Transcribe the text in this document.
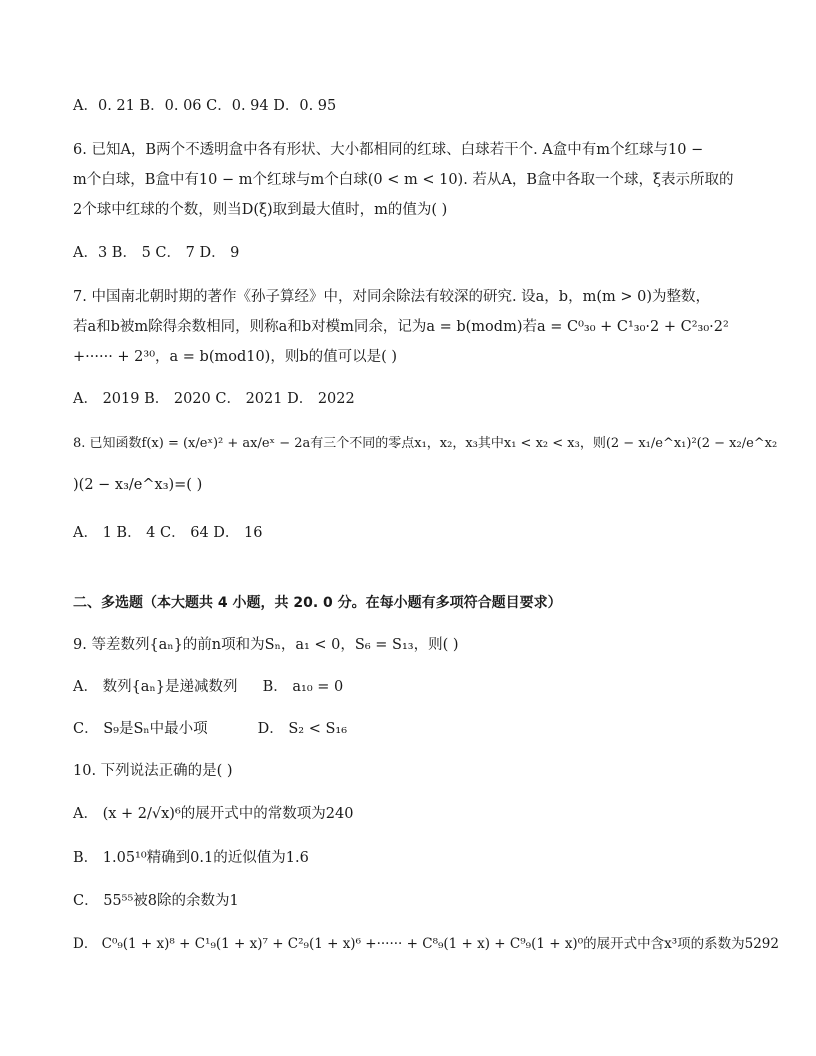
A．0. 21 B．0. 06 C．0. 94 D．0. 95
6. 已知A，B两个不透明盒中各有形状、大小都相同的红球、白球若干个. A盒中有m个红球与10 −
m个白球，B盒中有10 − m个红球与m个白球(0 < m < 10). 若从A，B盒中各取一个球，ξ表示所取的
2个球中红球的个数，则当D(ξ)取到最大值时，m的值为( )
A．3 B． 5 C． 7 D． 9
7. 中国南北朝时期的著作《孙子算经》中，对同余除法有较深的研究. 设a，b，m(m > 0)为整数，
若a和b被m除得余数相同，则称a和b对模m同余，记为a = b(modm)若a = C⁰₃₀ + C¹₃₀·2 + C²₃₀·2²
+······ + 2³⁰，a = b(mod10)，则b的值可以是( )
A． 2019 B． 2020 C． 2021 D． 2022
8. 已知函数f(x) = (x/eˣ)² + ax/eˣ − 2a有三个不同的零点x₁，x₂，x₃其中x₁ < x₂ < x₃，则(2 − x₁/e^x₁)²(2 − x₂/e^x₂
)(2 − x₃/e^x₃)=( )
A． 1 B． 4 C． 64 D． 16
二、多选题（本大题共 4 小题，共 20. 0 分。在每小题有多项符合题目要求）
9. 等差数列{aₙ}的前n项和为Sₙ，a₁ < 0，S₆ = S₁₃，则( )
A． 数列{aₙ}是递减数列 B． a₁₀ = 0
C． S₉是Sₙ中最小项	D． S₂ < S₁₆
10. 下列说法正确的是( )
A． (x + 2/√x)⁶的展开式中的常数项为240
B． 1.05¹⁰精确到0.1的近似值为1.6
C． 55⁵⁵被8除的余数为1
D． C⁰₉(1 + x)⁸ + C¹₉(1 + x)⁷ + C²₉(1 + x)⁶ +······ + C⁸₉(1 + x) + C⁹₉(1 + x)⁰的展开式中含x³项的系数为5292
